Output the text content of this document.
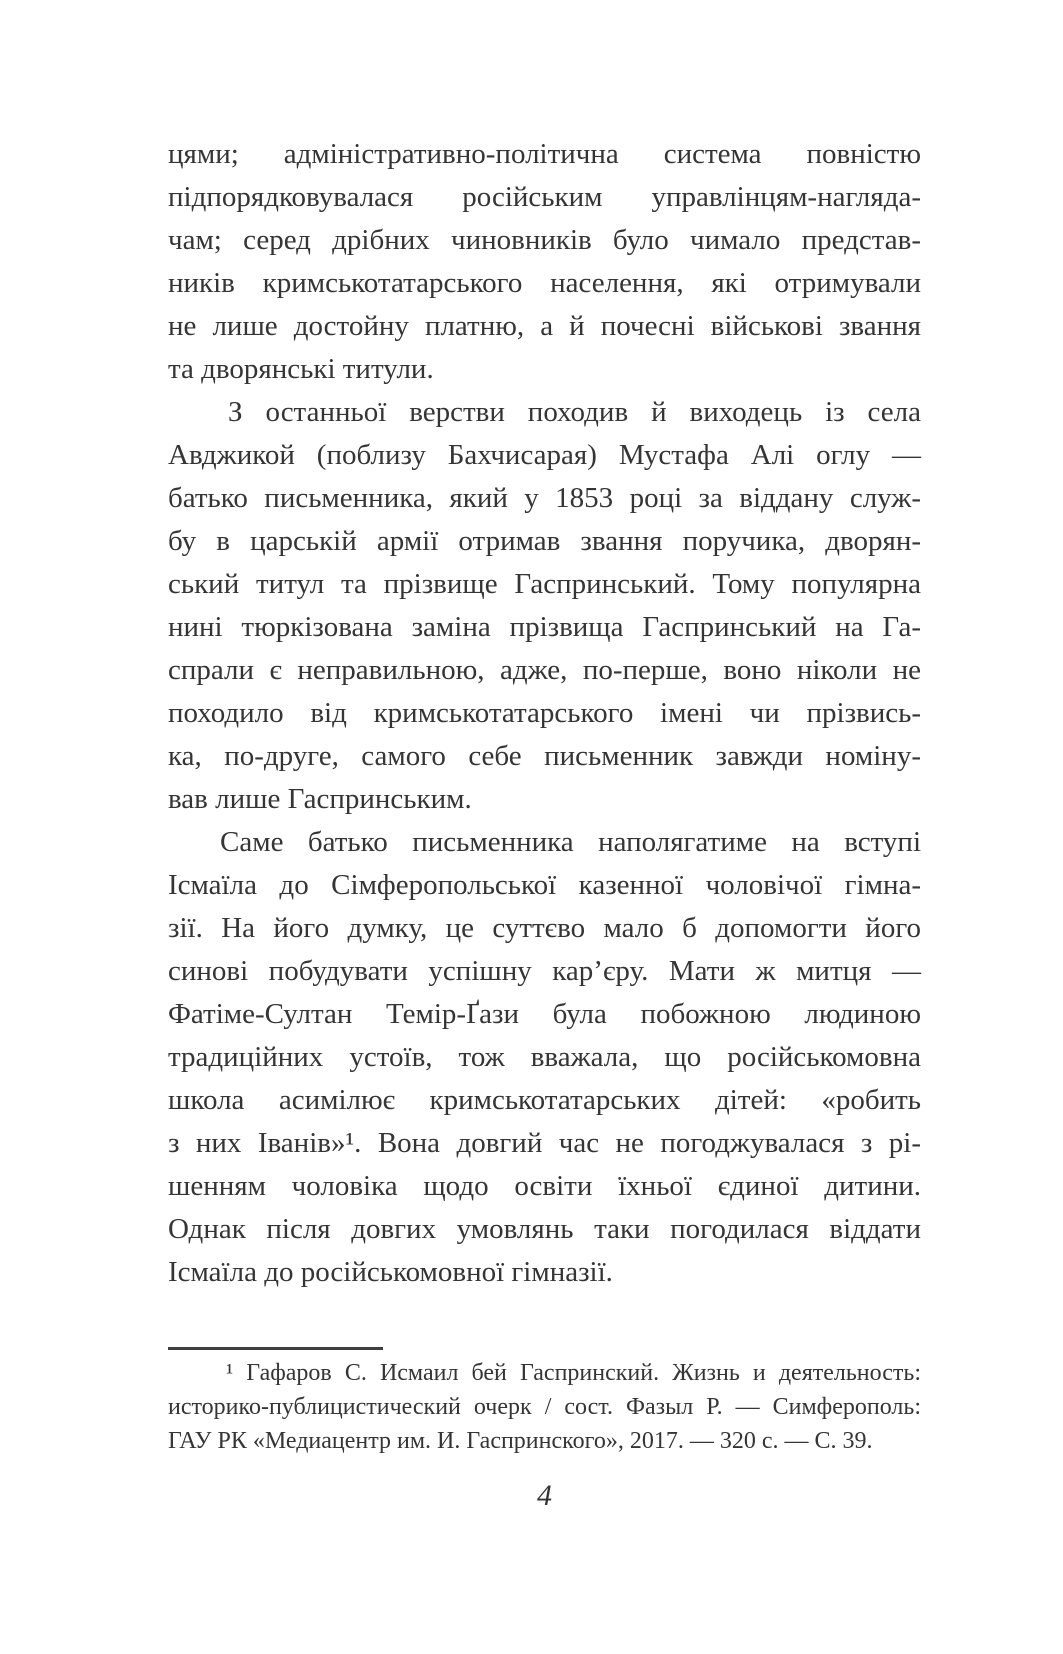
цями; адміністративно-політична система повністю
підпорядковувалася російським управлінцям-нагляда-
чам; серед дрібних чиновників було чимало представ-
ників кримськотатарського населення, які отримували
не лише достойну платню, а й почесні військові звання
та дворянські титули.
З останньої верстви походив й виходець із села
Авджикой (поблизу Бахчисарая) Мустафа Алі оглу —
батько письменника, який у 1853 році за віддану служ-
бу в царській армії отримав звання поручика, дворян-
ський титул та прізвище Гаспринський. Тому популярна
нині тюркізована заміна прізвища Гаспринський на Га-
спрали є неправильною, адже, по-перше, воно ніколи не
походило від кримськотатарського імені чи прізвись-
ка, по-друге, самого себе письменник завжди номіну-
вав лише Гаспринським.
Саме батько письменника наполягатиме на вступі
Ісмаїла до Сімферопольської казенної чоловічої гімна-
зії. На його думку, це суттєво мало б допомогти його
синові побудувати успішну кар’єру. Мати ж митця —
Фатіме-Султан Темір-Ґази була побожною людиною
традиційних устоїв, тож вважала, що російськомовна
школа асимілює кримськотатарських дітей: «робить
з них Іванів»¹. Вона довгий час не погоджувалася з рі-
шенням чоловіка щодо освіти їхньої єдиної дитини.
Однак після довгих умовлянь таки погодилася віддати
Ісмаїла до російськомовної гімназії.
¹ Гафаров С. Исмаил бей Гаспринский. Жизнь и деятельность:
историко-публицистический очерк / сост. Фазыл Р. — Симферополь:
ГАУ РК «Медиацентр им. И. Гаспринского», 2017. — 320 с. — С. 39.
4
